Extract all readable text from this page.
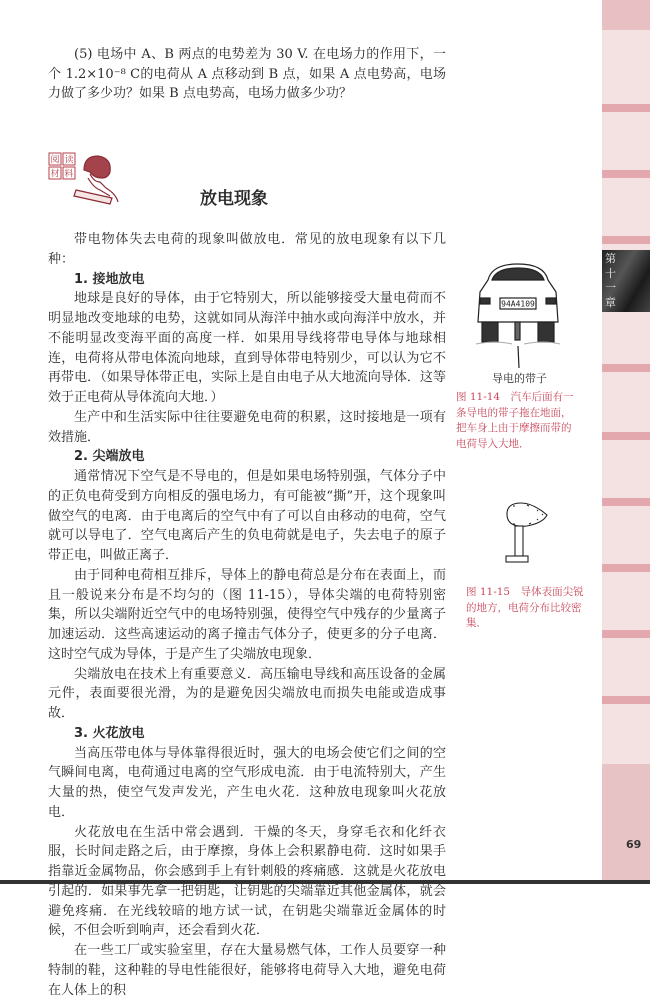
(5) 电场中 A、B 两点的电势差为 30 V. 在电场力的作用下，一个 1.2×10⁻⁸ C的电荷从 A 点移动到 B 点，如果 A 点电势高，电场力做了多少功？如果 B 点电势高，电场力做多少功？
阅 读
材 料
放电现象

带电物体失去电荷的现象叫做放电．常见的放电现象有以下几种：

1. 接地放电

地球是良好的导体，由于它特别大，所以能够接受大量电荷而不明显地改变地球的电势，这就如同从海洋中抽水或向海洋中放水，并不能明显改变海平面的高度一样．如果用导线将带电导体与地球相连，电荷将从带电体流向地球，直到导体带电特别少，可以认为它不再带电．（如果导体带正电，实际上是自由电子从大地流向导体．这等效于正电荷从导体流向大地．）

生产中和生活实际中往往要避免电荷的积累，这时接地是一项有效措施．

2. 尖端放电

通常情况下空气是不导电的，但是如果电场特别强，气体分子中的正负电荷受到方向相反的强电场力，有可能被“撕”开，这个现象叫做空气的电离．由于电离后的空气中有了可以自由移动的电荷，空气就可以导电了．空气电离后产生的负电荷就是电子，失去电子的原子带正电，叫做正离子．

由于同种电荷相互排斥，导体上的静电荷总是分布在表面上，而且一般说来分布是不均匀的（图 11-15），导体尖端的电荷特别密集，所以尖端附近空气中的电场特别强，使得空气中残存的少量离子加速运动．这些高速运动的离子撞击气体分子，使更多的分子电离．这时空气成为导体，于是产生了尖端放电现象．

尖端放电在技术上有重要意义．高压输电导线和高压设备的金属元件，表面要很光滑，为的是避免因尖端放电而损失电能或造成事故．

3. 火花放电

当高压带电体与导体靠得很近时，强大的电场会使它们之间的空气瞬间电离，电荷通过电离的空气形成电流．由于电流特别大，产生大量的热，使空气发声发光，产生电火花．这种放电现象叫火花放电．

火花放电在生活中常会遇到．干燥的冬天，身穿毛衣和化纤衣服，长时间走路之后，由于摩擦，身体上会积累静电荷．这时如果手指靠近金属物品，你会感到手上有针刺般的疼痛感．这就是火花放电引起的．如果事先拿一把钥匙，让钥匙的尖端靠近其他金属体，就会避免疼痛．在光线较暗的地方试一试，在钥匙尖端靠近金属体的时候，不但会听到响声，还会看到火花．

在一些工厂或实验室里，存在大量易燃气体，工作人员要穿一种特制的鞋，这种鞋的导电性能很好，能够将电荷导入大地，避免电荷在人体上的积

94A4109
导电的带子
图 11-14　汽车后面有一条导电的带子拖在地面，把车身上由于摩擦而带的电荷导入大地．
图 11-15　导体表面尖锐的地方，电荷分布比较密集．
第十一章
69
